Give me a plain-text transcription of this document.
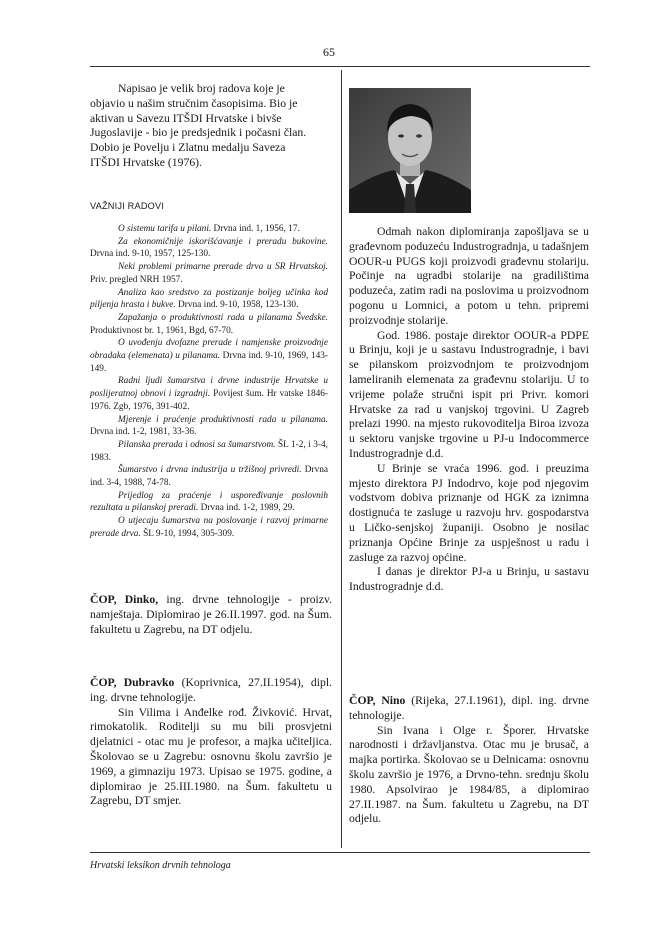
65

Napisao je velik broj radova koje je
objavio u našim stručnim časopisima. Bio je

aktivan u Savezu ITŠDI Hrvatske i bivše
Jugoslavije - bio je predsjednik i počasni član.
Dobio je Povelju i Zlatnu medalju Saveza
ITŠDI Hrvatske (1976).

VAŽNIJI RADOVI

O sistemu tarifa u pilani. Drvna ind. 1, 1956, 17.

Za ekonomičnije iskorišćavanje i preradu bukovine. Drvna ind. 9-10, 1957, 125-130.

Neki problemi primarne prerade drva u SR Hrvatskoj. Priv. pregled NRH 1957.

Analiza kao sredstvo za postizanje boljeg učinka kod piljenja hrasta i bukve. Drvna ind. 9-10, 1958, 123-130.

Zapažanja o produktivnosti rada u pilanama Švedske. Produktivnost br. 1, 1961, Bgd, 67-70.

O uvođenju dvofazne prerade i namjenske proizvodnje obradaka (elemenata) u pilanama. Drvna ind. 9-10, 1969, 143-149.

Radni ljudi šumarstva i drvne industrije Hrvatske u poslijeratnoj obnovi i izgradnji. Povijest šum. Hr vatske 1846-1976. Zgb, 1976, 391-402.

Mjerenje i praćenje produktivnosti rada u pilanama. Drvna ind. 1-2, 1981, 33-36.

Pilanska prerada i odnosi sa šumarstvom. ŠL 1-2, i 3-4, 1983.

Šumarstvo i drvna industrija u tržišnoj privredi. Drvna ind. 3-4, 1988, 74-78.

Prijedlog za praćenje i uspoređivanje poslovnih rezultata u pilanskoj preradi. Drvna ind. 1-2, 1989, 29.

O utjecaju šumarstva na poslovanje i razvoj primarne prerade drva. ŠL 9-10, 1994, 305-309.

ČOP, Dinko, ing. drvne tehnologije - proizv. namještaja. Diplomirao je 26.II.1997. god. na Šum. fakultetu u Zagrebu, na DT odjelu.

ČOP, Dubravko (Koprivnica, 27.II.1954), dipl. ing. drvne tehnologije.

Sin Vilima i Anđelke rođ. Živković. Hrvat, rimokatolik. Roditelji su mu bili prosvjetni djelatnici - otac mu je profesor, a majka učiteljica. Školovao se u Zagrebu: osnovnu školu završio je 1969, a gimnaziju 1973. Upisao se 1975. godine, a diplomirao je 25.III.1980. na Šum. fakultetu u Zagrebu, DT smjer.

Odmah nakon diplomiranja zapošljava se u građevnom poduzeću Industrogradnja, u tadašnjem OOUR-u PUGS koji proizvodi građevnu stolariju. Počinje na ugradbi stolarije na gradilištima poduzeća, zatim radi na poslovima u proizvodnom pogonu u Lomnici, a potom u tehn. pripremi proizvodnje stolarije.

God. 1986. postaje direktor OOUR-a PDPE u Brinju, koji je u sastavu Industrogradnje, i bavi se pilanskom proizvodnjom te proizvodnjom lameliranih elemenata za građevnu stolariju. U to vrijeme polaže stručni ispit pri Privr. komori Hrvatske za rad u vanjskoj trgovini. U Zagreb prelazi 1990. na mjesto rukovoditelja Biroa izvoza u sektoru vanjske trgovine u PJ-u Indocommerce Industrogradnje d.d.

U Brinje se vraća 1996. god. i preuzima mjesto direktora PJ Indodrvo, koje pod njegovim vodstvom dobiva priznanje od HGK za iznimna dostignuća te zasluge u razvoju hrv. gospodarstva u Ličko-senjskoj županiji. Osobno je nosilac priznanja Općine Brinje za uspješnost u radu i zasluge za razvoj općine.

I danas je direktor PJ-a u Brinju, u sastavu Industrogradnje d.d.

ČOP, Nino (Rijeka, 27.I.1961), dipl. ing. drvne tehnologije.

Sin Ivana i Olge r. Šporer. Hrvatske narodnosti i državljanstva. Otac mu je brusač, a majka portirka. Školovao se u Delnicama: osnovnu školu završio je 1976, a Drvno-tehn. srednju školu 1980. Apsolvirao je 1984/85, a diplomirao 27.II.1987. na Šum. fakultetu u Zagrebu, na DT odjelu.

Hrvatski leksikon drvnih tehnologa
